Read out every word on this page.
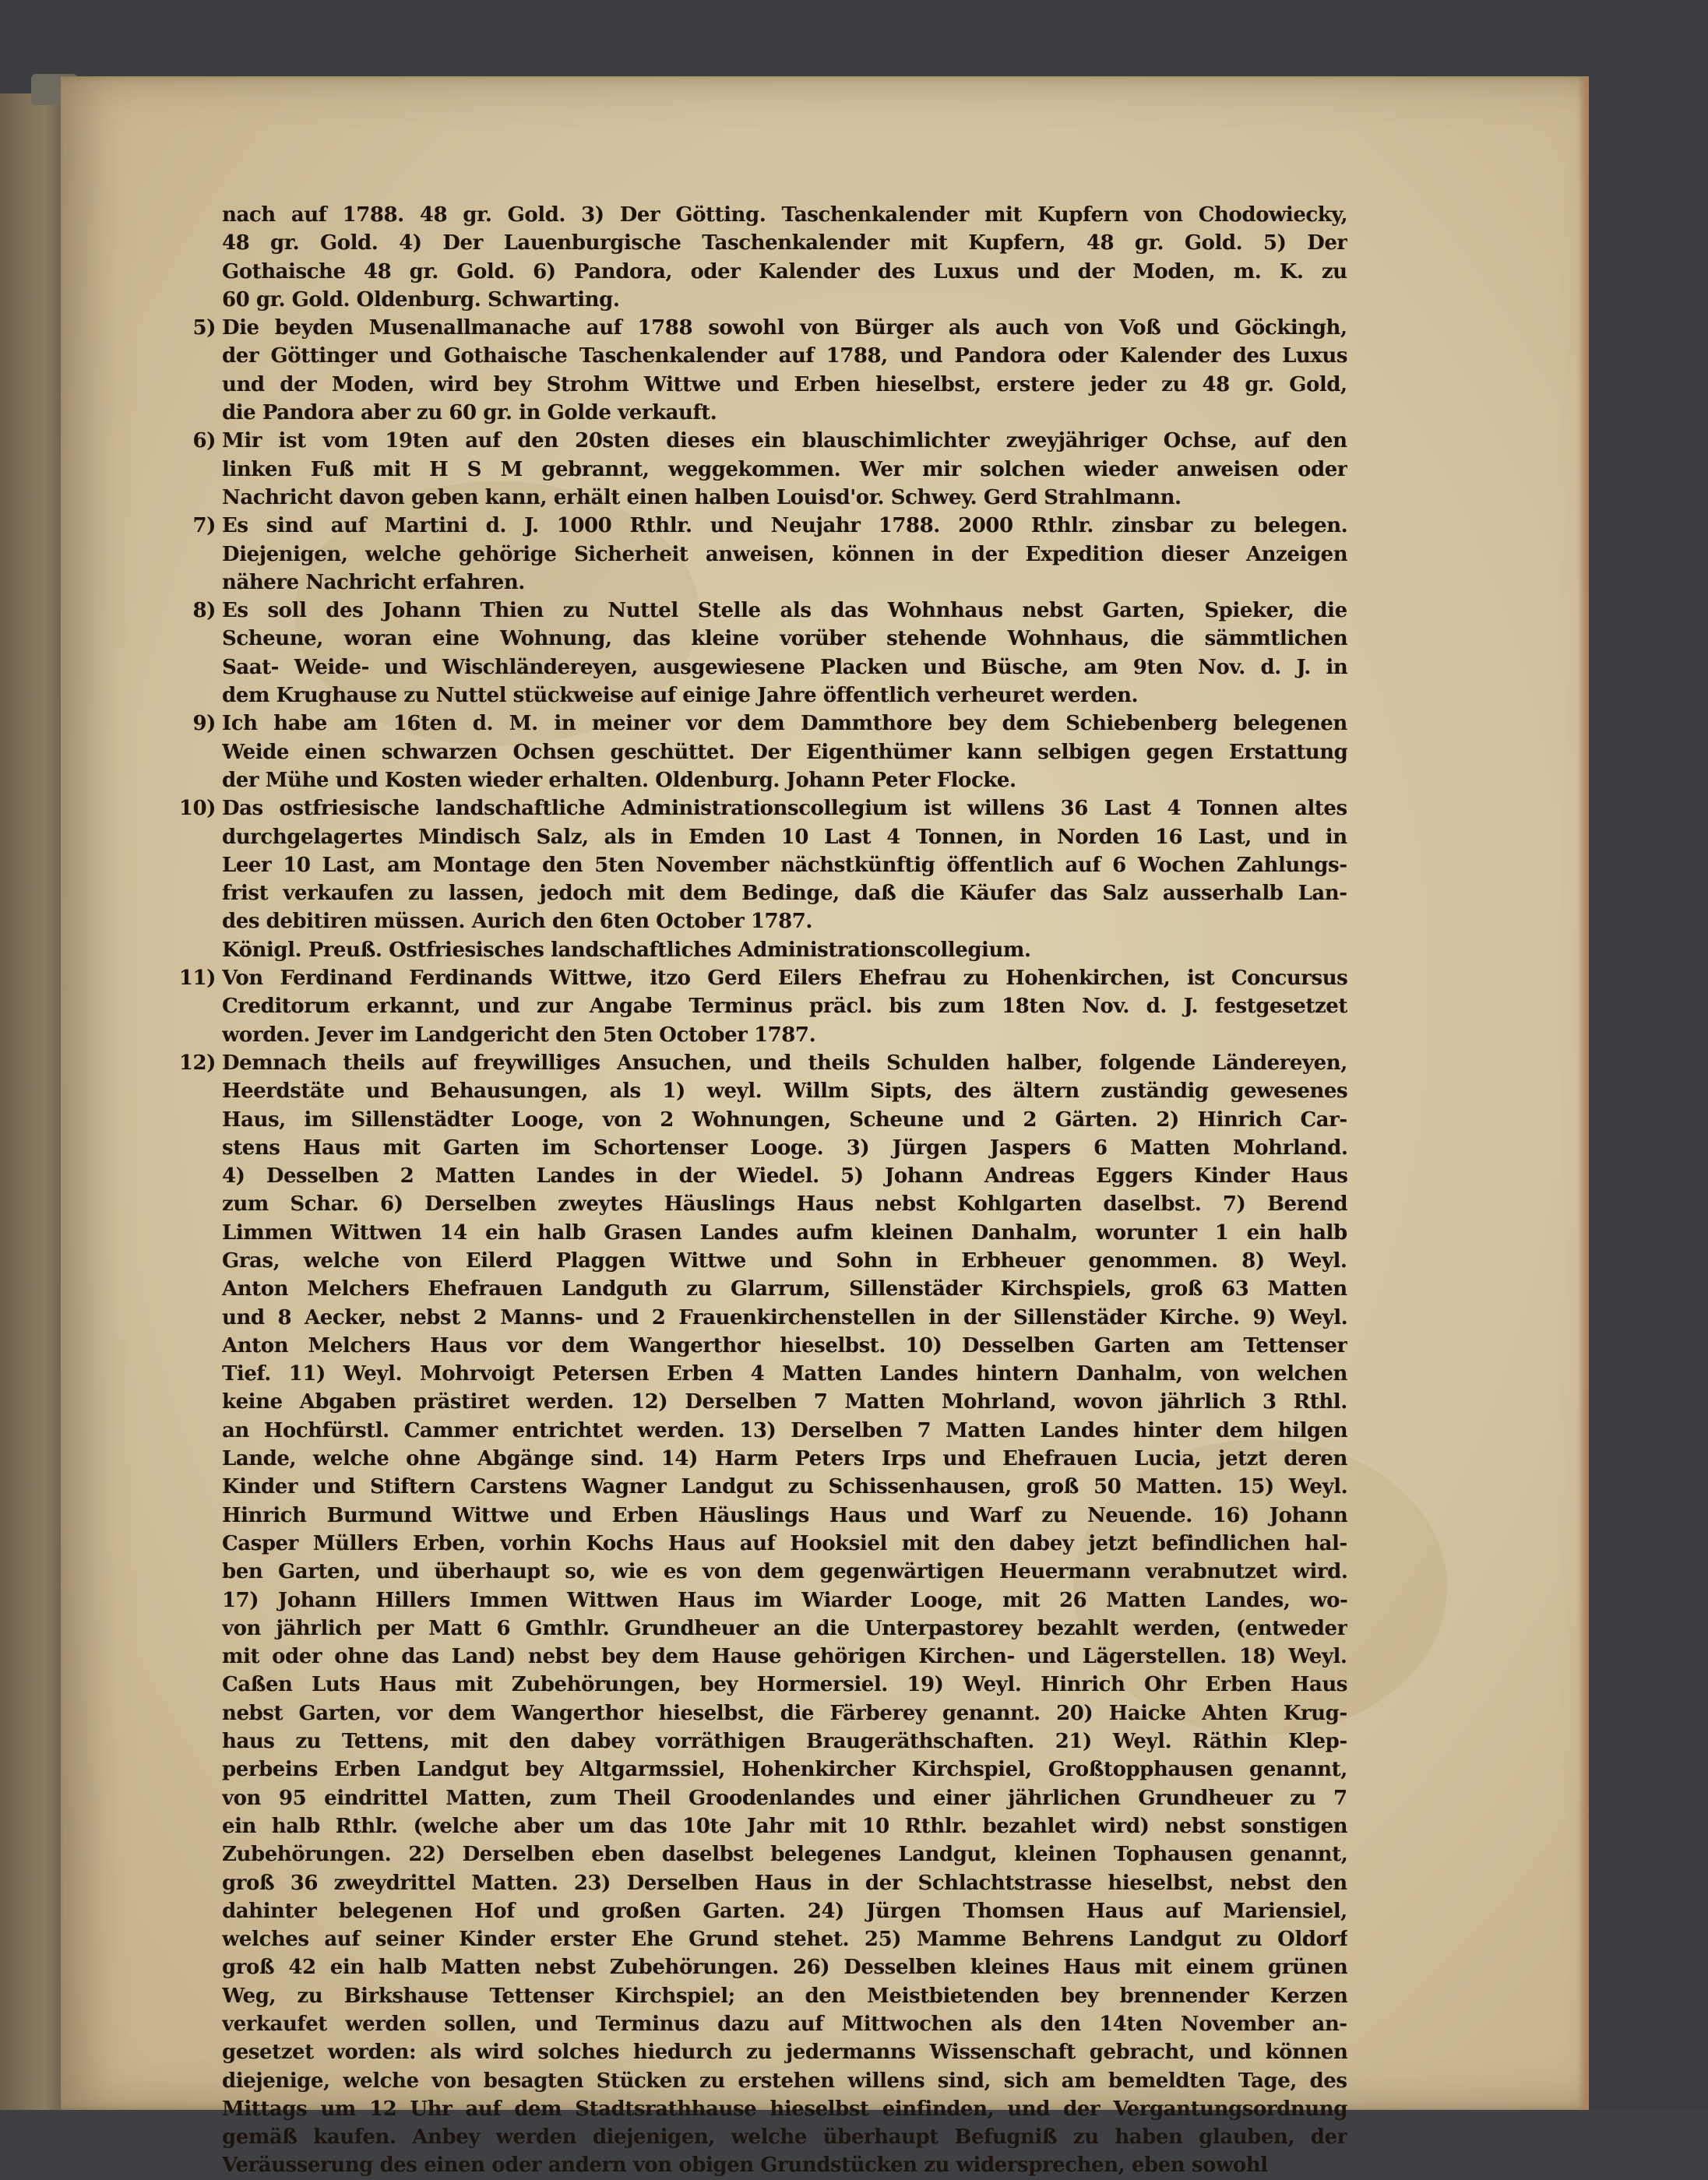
nach auf 1788. 48 gr. Gold. 3) Der Götting. Taschenkalender mit Kupfern von Chodowiecky,
48 gr. Gold. 4) Der Lauenburgische Taschenkalender mit Kupfern, 48 gr. Gold. 5) Der
Gothaische 48 gr. Gold. 6) Pandora, oder Kalender des Luxus und der Moden, m. K. zu
60 gr. Gold. Oldenburg. Schwarting.
5) Die beyden Musenallmanache auf 1788 sowohl von Bürger als auch von Voß und Göckingh,
der Göttinger und Gothaische Taschenkalender auf 1788, und Pandora oder Kalender des Luxus
und der Moden, wird bey Strohm Wittwe und Erben hieselbst, erstere jeder zu 48 gr. Gold,
die Pandora aber zu 60 gr. in Golde verkauft.
6) Mir ist vom 19ten auf den 20sten dieses ein blauschimlichter zweyjähriger Ochse, auf den
linken Fuß mit H S M gebrannt, weggekommen. Wer mir solchen wieder anweisen oder
Nachricht davon geben kann, erhält einen halben Louisd'or. Schwey. Gerd Strahlmann.
7) Es sind auf Martini d. J. 1000 Rthlr. und Neujahr 1788. 2000 Rthlr. zinsbar zu belegen.
Diejenigen, welche gehörige Sicherheit anweisen, können in der Expedition dieser Anzeigen
nähere Nachricht erfahren.
8) Es soll des Johann Thien zu Nuttel Stelle als das Wohnhaus nebst Garten, Spieker, die
Scheune, woran eine Wohnung, das kleine vorüber stehende Wohnhaus, die sämmtlichen
Saat- Weide- und Wischländereyen, ausgewiesene Placken und Büsche, am 9ten Nov. d. J. in
dem Krughause zu Nuttel stückweise auf einige Jahre öffentlich verheuret werden.
9) Ich habe am 16ten d. M. in meiner vor dem Dammthore bey dem Schiebenberg belegenen
Weide einen schwarzen Ochsen geschüttet. Der Eigenthümer kann selbigen gegen Erstattung
der Mühe und Kosten wieder erhalten. Oldenburg. Johann Peter Flocke.
10) Das ostfriesische landschaftliche Administrationscollegium ist willens 36 Last 4 Tonnen altes
durchgelagertes Mindisch Salz, als in Emden 10 Last 4 Tonnen, in Norden 16 Last, und in
Leer 10 Last, am Montage den 5ten November nächstkünftig öffentlich auf 6 Wochen Zahlungs-
frist verkaufen zu lassen, jedoch mit dem Bedinge, daß die Käufer das Salz ausserhalb Lan-
des debitiren müssen. Aurich den 6ten October 1787.
Königl. Preuß. Ostfriesisches landschaftliches Administrationscollegium.
11) Von Ferdinand Ferdinands Wittwe, itzo Gerd Eilers Ehefrau zu Hohenkirchen, ist Concursus
Creditorum erkannt, und zur Angabe Terminus präcl. bis zum 18ten Nov. d. J. festgesetzet
worden. Jever im Landgericht den 5ten October 1787.
12) Demnach theils auf freywilliges Ansuchen, und theils Schulden halber, folgende Ländereyen,
Heerdstäte und Behausungen, als 1) weyl. Willm Sipts, des ältern zuständig gewesenes
Haus, im Sillenstädter Looge, von 2 Wohnungen, Scheune und 2 Gärten. 2) Hinrich Car-
stens Haus mit Garten im Schortenser Looge. 3) Jürgen Jaspers 6 Matten Mohrland.
4) Desselben 2 Matten Landes in der Wiedel. 5) Johann Andreas Eggers Kinder Haus
zum Schar. 6) Derselben zweytes Häuslings Haus nebst Kohlgarten daselbst. 7) Berend
Limmen Wittwen 14 ein halb Grasen Landes aufm kleinen Danhalm, worunter 1 ein halb
Gras, welche von Eilerd Plaggen Wittwe und Sohn in Erbheuer genommen. 8) Weyl.
Anton Melchers Ehefrauen Landguth zu Glarrum, Sillenstäder Kirchspiels, groß 63 Matten
und 8 Aecker, nebst 2 Manns- und 2 Frauenkirchenstellen in der Sillenstäder Kirche. 9) Weyl.
Anton Melchers Haus vor dem Wangerthor hieselbst. 10) Desselben Garten am Tettenser
Tief. 11) Weyl. Mohrvoigt Petersen Erben 4 Matten Landes hintern Danhalm, von welchen
keine Abgaben prästiret werden. 12) Derselben 7 Matten Mohrland, wovon jährlich 3 Rthl.
an Hochfürstl. Cammer entrichtet werden. 13) Derselben 7 Matten Landes hinter dem hilgen
Lande, welche ohne Abgänge sind. 14) Harm Peters Irps und Ehefrauen Lucia, jetzt deren
Kinder und Stiftern Carstens Wagner Landgut zu Schissenhausen, groß 50 Matten. 15) Weyl.
Hinrich Burmund Wittwe und Erben Häuslings Haus und Warf zu Neuende. 16) Johann
Casper Müllers Erben, vorhin Kochs Haus auf Hooksiel mit den dabey jetzt befindlichen hal-
ben Garten, und überhaupt so, wie es von dem gegenwärtigen Heuermann verabnutzet wird.
17) Johann Hillers Immen Wittwen Haus im Wiarder Looge, mit 26 Matten Landes, wo-
von jährlich per Matt 6 Gmthlr. Grundheuer an die Unterpastorey bezahlt werden, (entweder
mit oder ohne das Land) nebst bey dem Hause gehörigen Kirchen- und Lägerstellen. 18) Weyl.
Caßen Luts Haus mit Zubehörungen, bey Hormersiel. 19) Weyl. Hinrich Ohr Erben Haus
nebst Garten, vor dem Wangerthor hieselbst, die Färberey genannt. 20) Haicke Ahten Krug-
haus zu Tettens, mit den dabey vorräthigen Braugeräthschaften. 21) Weyl. Räthin Klep-
perbeins Erben Landgut bey Altgarmssiel, Hohenkircher Kirchspiel, Großtopphausen genannt,
von 95 eindrittel Matten, zum Theil Groodenlandes und einer jährlichen Grundheuer zu 7
ein halb Rthlr. (welche aber um das 10te Jahr mit 10 Rthlr. bezahlet wird) nebst sonstigen
Zubehörungen. 22) Derselben eben daselbst belegenes Landgut, kleinen Tophausen genannt,
groß 36 zweydrittel Matten. 23) Derselben Haus in der Schlachtstrasse hieselbst, nebst den
dahinter belegenen Hof und großen Garten. 24) Jürgen Thomsen Haus auf Mariensiel,
welches auf seiner Kinder erster Ehe Grund stehet. 25) Mamme Behrens Landgut zu Oldorf
groß 42 ein halb Matten nebst Zubehörungen. 26) Desselben kleines Haus mit einem grünen
Weg, zu Birkshause Tettenser Kirchspiel; an den Meistbietenden bey brennender Kerzen
verkaufet werden sollen, und Terminus dazu auf Mittwochen als den 14ten November an-
gesetzet worden: als wird solches hiedurch zu jedermanns Wissenschaft gebracht, und können
diejenige, welche von besagten Stücken zu erstehen willens sind, sich am bemeldten Tage, des
Mittags um 12 Uhr auf dem Stadtsrathhause hieselbst einfinden, und der Vergantungsordnung
gemäß kaufen. Anbey werden diejenigen, welche überhaupt Befugniß zu haben glauben, der
Veräusserung des einen oder andern von obigen Grundstücken zu widersprechen, eben sowohl
